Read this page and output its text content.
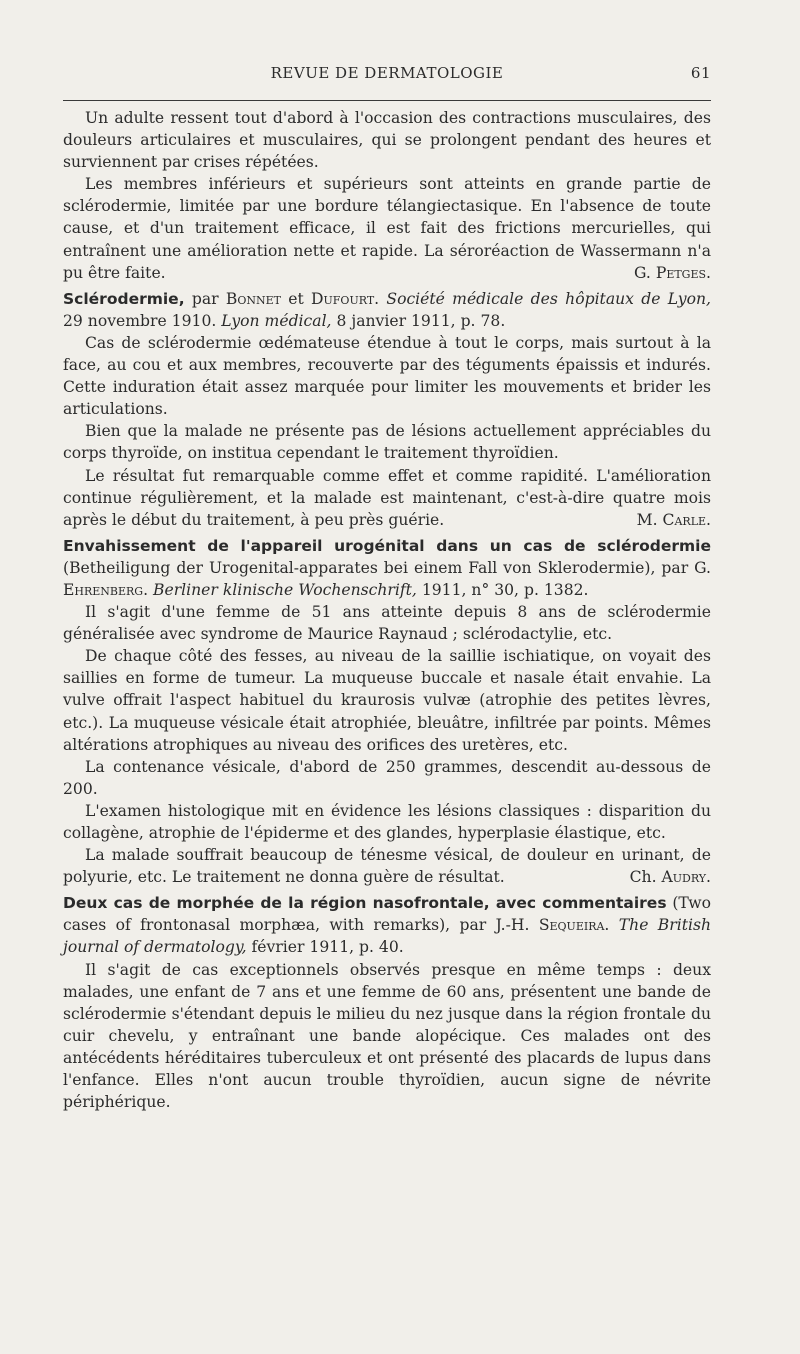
REVUE DE DERMATOLOGIE	61

Un adulte ressent tout d'abord à l'occasion des contractions musculaires, des douleurs articulaires et musculaires, qui se prolongent pendant des heures et surviennent par crises répétées.

Les membres inférieurs et supérieurs sont atteints en grande partie de sclérodermie, limitée par une bordure télangiectasique. En l'absence de toute cause, et d'un traitement efficace, il est fait des frictions mercurielles, qui entraînent une amélioration nette et rapide. La séroréaction de Wassermann n'a pu être faite.	G. Petges.

Sclérodermie, par Bonnet et Dufourt. Société médicale des hôpitaux de Lyon, 29 novembre 1910. Lyon médical, 8 janvier 1911, p. 78.

Cas de sclérodermie œdémateuse étendue à tout le corps, mais surtout à la face, au cou et aux membres, recouverte par des téguments épaissis et indurés. Cette induration était assez marquée pour limiter les mouvements et brider les articulations.

Bien que la malade ne présente pas de lésions actuellement appréciables du corps thyroïde, on institua cependant le traitement thyroïdien.

Le résultat fut remarquable comme effet et comme rapidité. L'amélioration continue régulièrement, et la malade est maintenant, c'est-à-dire quatre mois après le début du traitement, à peu près guérie.	M. Carle.

Envahissement de l'appareil urogénital dans un cas de sclérodermie (Betheiligung der Urogenital-apparates bei einem Fall von Sklerodermie), par G. Ehrenberg. Berliner klinische Wochenschrift, 1911, n° 30, p. 1382.

Il s'agit d'une femme de 51 ans atteinte depuis 8 ans de sclérodermie généralisée avec syndrome de Maurice Raynaud ; sclérodactylie, etc.

De chaque côté des fesses, au niveau de la saillie ischiatique, on voyait des saillies en forme de tumeur. La muqueuse buccale et nasale était envahie. La vulve offrait l'aspect habituel du kraurosis vulvæ (atrophie des petites lèvres, etc.). La muqueuse vésicale était atrophiée, bleuâtre, infiltrée par points. Mêmes altérations atrophiques au niveau des orifices des uretères, etc.

La contenance vésicale, d'abord de 250 grammes, descendit au-dessous de 200.

L'examen histologique mit en évidence les lésions classiques : disparition du collagène, atrophie de l'épiderme et des glandes, hyperplasie élastique, etc.

La malade souffrait beaucoup de ténesme vésical, de douleur en urinant, de polyurie, etc. Le traitement ne donna guère de résultat.	Ch. Audry.

Deux cas de morphée de la région nasofrontale, avec commentaires (Two cases of frontonasal morphæa, with remarks), par J.-H. Sequeira. The British journal of dermatology, février 1911, p. 40.

Il s'agit de cas exceptionnels observés presque en même temps : deux malades, une enfant de 7 ans et une femme de 60 ans, présentent une bande de sclérodermie s'étendant depuis le milieu du nez jusque dans la région frontale du cuir chevelu, y entraînant une bande alopécique. Ces malades ont des antécédents héréditaires tuberculeux et ont présenté des placards de lupus dans l'enfance. Elles n'ont aucun trouble thyroïdien, aucun signe de névrite périphérique.
